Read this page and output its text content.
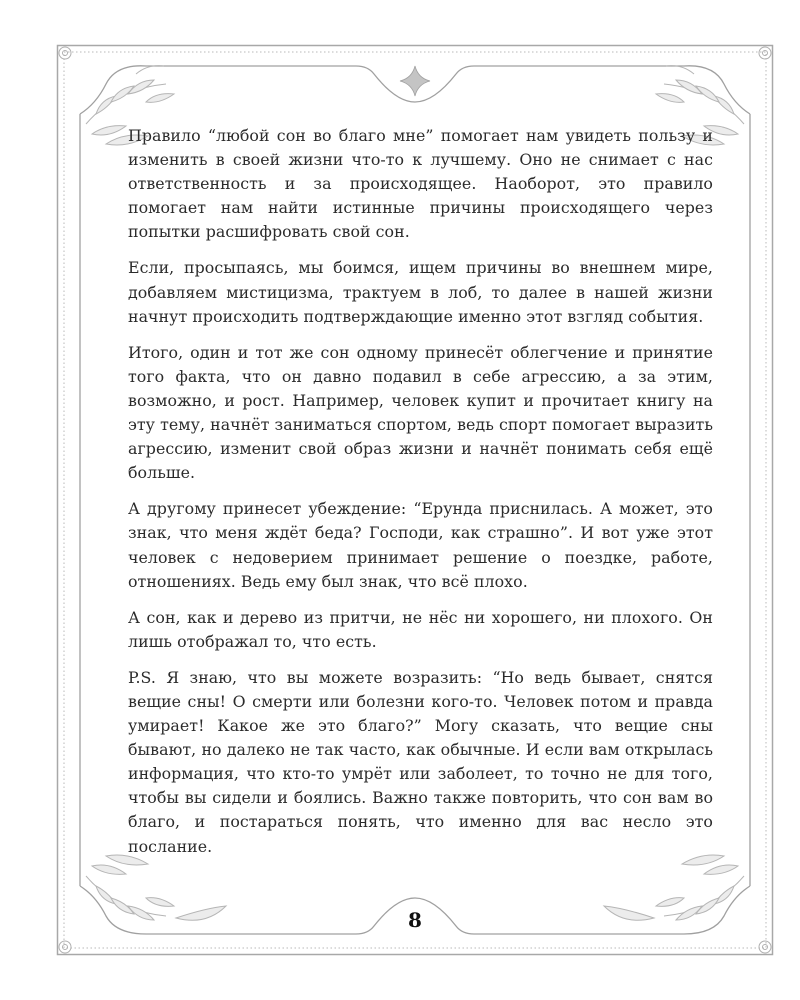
Правило “любой сон во благо мне” помогает нам увидеть пользу и изменить в своей жизни что-то к лучшему. Оно не снимает с нас ответственность и за происходящее. Наоборот, это правило помогает нам найти истинные причины происходящего через попытки расшифровать свой сон.

Если, просыпаясь, мы боимся, ищем причины во внешнем мире, добавляем мистицизма, трактуем в лоб, то далее в нашей жизни начнут происходить подтверждающие именно этот взгляд события.

Итого, один и тот же сон одному принесёт облегчение и принятие того факта, что он давно подавил в себе агрессию, а за этим, возможно, и рост. Например, человек купит и прочитает книгу на эту тему, начнёт заниматься спортом, ведь спорт помогает выразить агрессию, изменит свой образ жизни и начнёт понимать себя ещё больше.

А другому принесет убеждение: “Ерунда приснилась. А может, это знак, что меня ждёт беда? Господи, как страшно”. И вот уже этот человек с недоверием принимает решение о поездке, работе, отношениях. Ведь ему был знак, что всё плохо.

А сон, как и дерево из притчи, не нёс ни хорошего, ни плохого. Он лишь отображал то, что есть.

P.S. Я знаю, что вы можете возразить: “Но ведь бывает, снятся вещие сны! О смерти или болезни кого-то. Человек потом и правда умирает! Какое же это благо?” Могу сказать, что вещие сны бывают, но далеко не так часто, как обычные. И если вам открылась информация, что кто-то умрёт или заболеет, то точно не для того, чтобы вы сидели и боялись. Важно также повторить, что сон вам во благо, и постараться понять, что именно для вас несло это послание.

8
